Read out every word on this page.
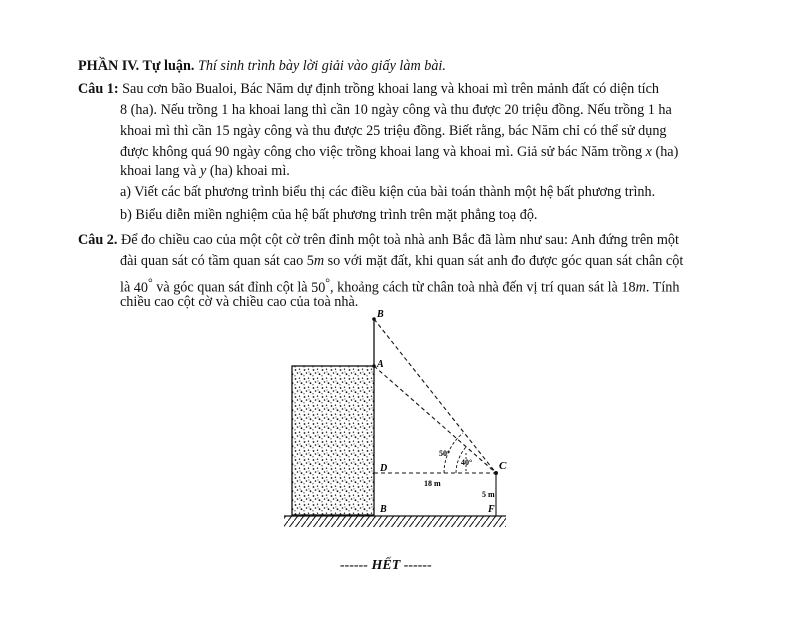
PHẦN IV. Tự luận. Thí sinh trình bày lời giải vào giấy làm bài.
Câu 1: Sau cơn bão Bualoi, Bác Năm dự định trồng khoai lang và khoai mì trên mảnh đất có diện tích
8 (ha). Nếu trồng 1 ha khoai lang thì cần 10 ngày công và thu được 20 triệu đồng. Nếu trồng 1 ha
khoai mì thì cần 15 ngày công và thu được 25 triệu đồng. Biết rằng, bác Năm chỉ có thể sử dụng
được không quá 90 ngày công cho việc trồng khoai lang và khoai mì. Giả sử bác Năm trồng x (ha)
khoai lang và y (ha) khoai mì.
a) Viết các bất phương trình biểu thị các điều kiện của bài toán thành một hệ bất phương trình.
b) Biểu diễn miền nghiệm của hệ bất phương trình trên mặt phẳng toạ độ.
Câu 2. Để đo chiều cao của một cột cờ trên đỉnh một toà nhà anh Bắc đã làm như sau: Anh đứng trên một
đài quan sát có tầm quan sát cao 5m so với mặt đất, khi quan sát anh đo được góc quan sát chân cột
là 40° và góc quan sát đỉnh cột là 50°, khoảng cách từ chân toà nhà đến vị trí quan sát là 18m. Tính
chiều cao cột cờ và chiều cao của toà nhà.
B
A
D	C
B	F
50°
40°
18 m
5 m
------ HẾT ------
